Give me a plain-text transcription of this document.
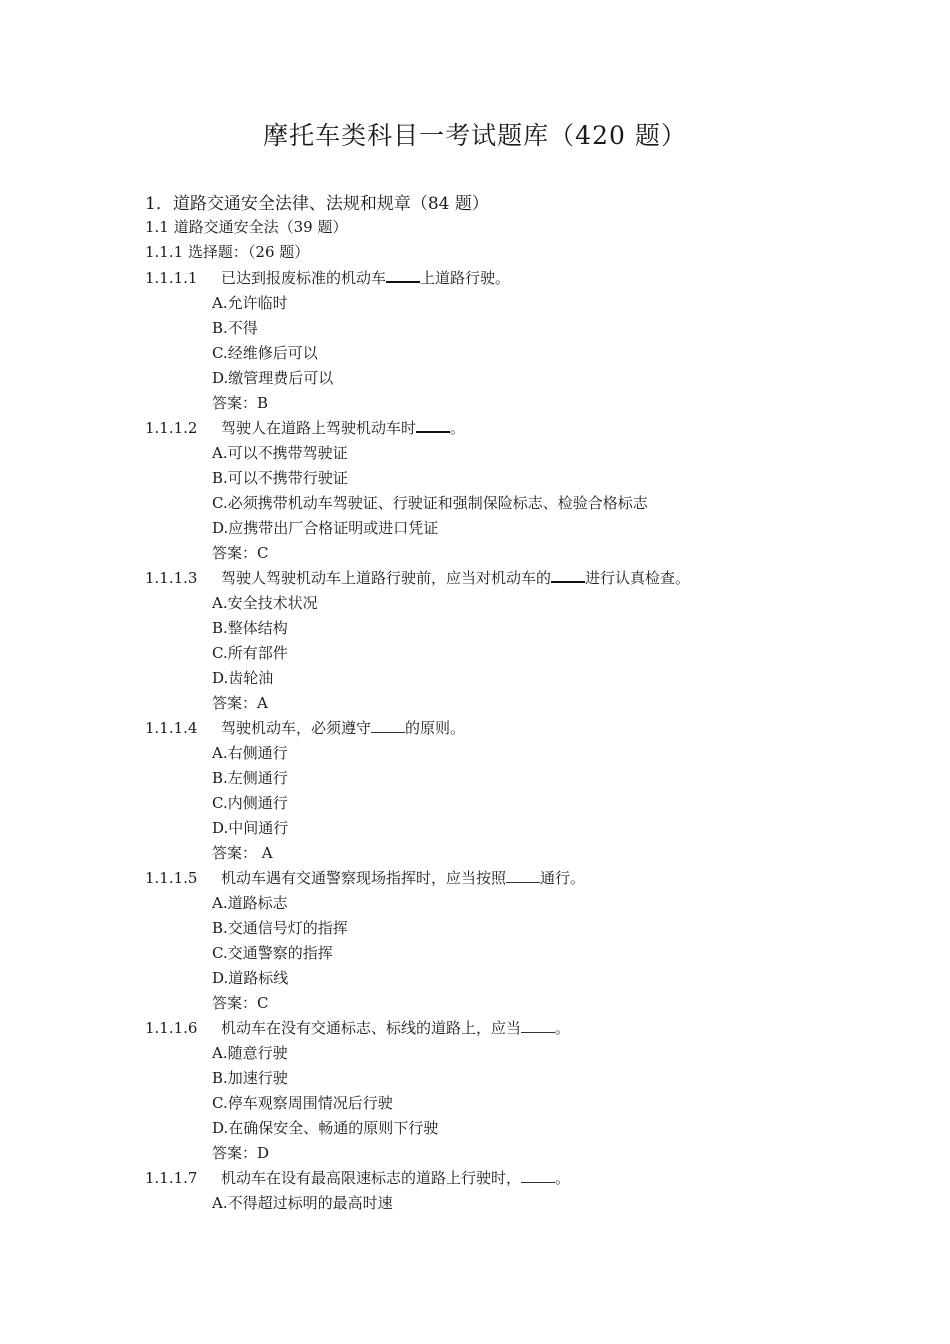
摩托车类科目一考试题库（420 题）
1．道路交通安全法律、法规和规章（84 题）
1.1 道路交通安全法（39 题）
1.1.1 选择题：（26 题）
1.1.1.1 已达到报废标准的机动车 上道路行驶。
A.允许临时
B.不得
C.经维修后可以
D.缴管理费后可以
答案：B
1.1.1.2 驾驶人在道路上驾驶机动车时 。
A.可以不携带驾驶证
B.可以不携带行驶证
C.必须携带机动车驾驶证、行驶证和强制保险标志、检验合格标志
D.应携带出厂合格证明或进口凭证
答案：C
1.1.1.3 驾驶人驾驶机动车上道路行驶前，应当对机动车的 进行认真检查。
A.安全技术状况
B.整体结构
C.所有部件
D.齿轮油
答案：A
1.1.1.4 驾驶机动车，必须遵守 的原则。
A.右侧通行
B.左侧通行
C.内侧通行
D.中间通行
答案： A
1.1.1.5 机动车遇有交通警察现场指挥时，应当按照 通行。
A.道路标志
B.交通信号灯的指挥
C.交通警察的指挥
D.道路标线
答案：C
1.1.1.6 机动车在没有交通标志、标线的道路上，应当 。
A.随意行驶
B.加速行驶
C.停车观察周围情况后行驶
D.在确保安全、畅通的原则下行驶
答案：D
1.1.1.7 机动车在设有最高限速标志的道路上行驶时， 。
A.不得超过标明的最高时速
